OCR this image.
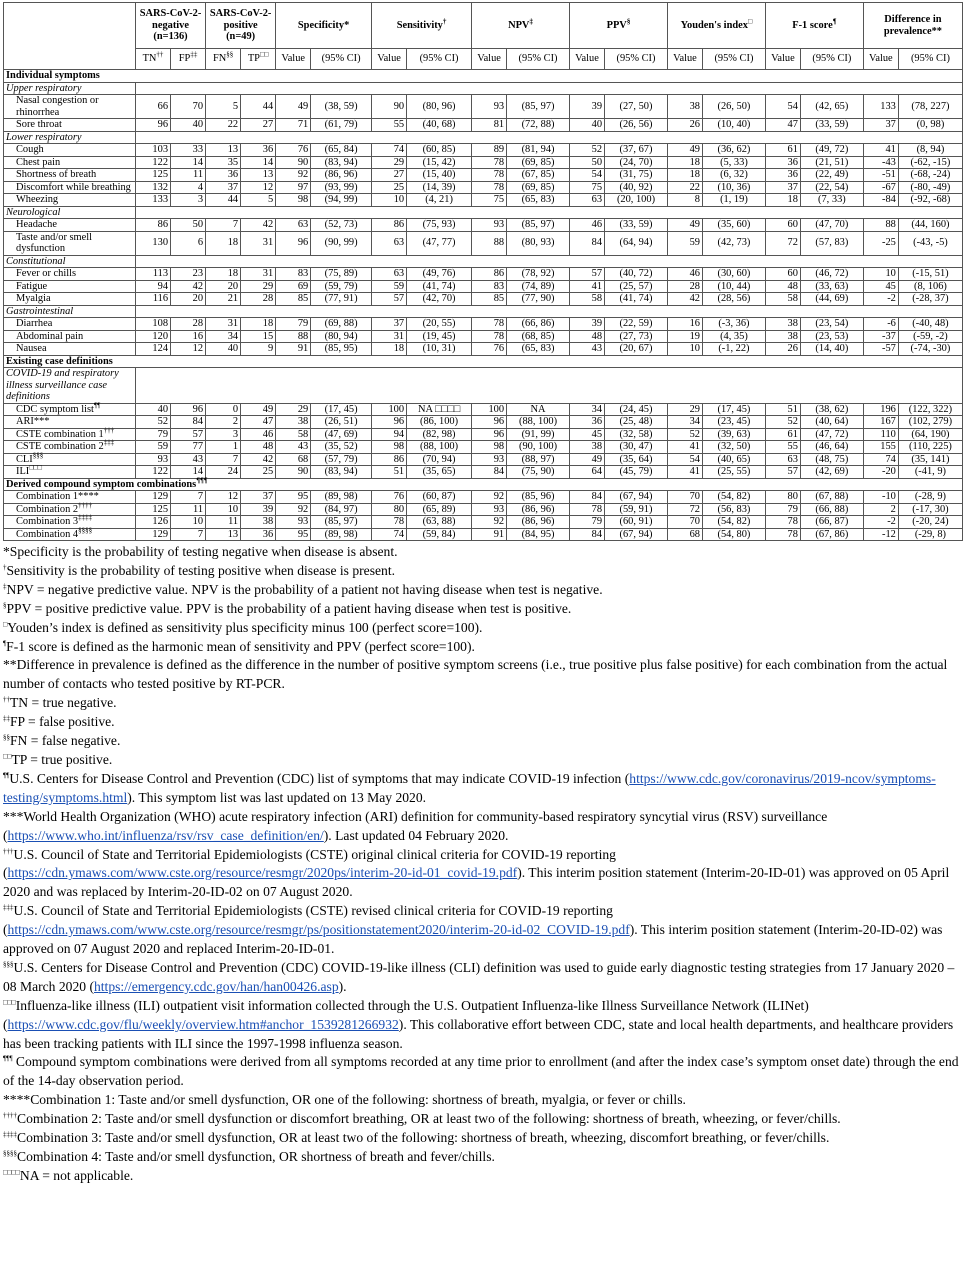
	SARS-CoV-2-negative (n=136)		SARS-CoV-2-positive (n=49)		Specificity*		Sensitivity†		NPV‡		PPV§		Youden's index□		F-1 score¶		Difference in prevalence**	
	TN††	FP‡‡	FN§§	TP□□	Value	(95% CI)	Value	(95% CI)	Value	(95% CI)	Value	(95% CI)	Value	(95% CI)	Value	(95% CI)	Value	(95% CI)
Individual symptoms																		
Upper respiratory																		
Nasal congestion or rhinorrhea	66	70	5	44	49	(38, 59)	90	(80, 96)	93	(85, 97)	39	(27, 50)	38	(26, 50)	54	(42, 65)	133	(78, 227)
Sore throat	96	40	22	27	71	(61, 79)	55	(40, 68)	81	(72, 88)	40	(26, 56)	26	(10, 40)	47	(33, 59)	37	(0, 98)
Lower respiratory																		
Cough	103	33	13	36	76	(65, 84)	74	(60, 85)	89	(81, 94)	52	(37, 67)	49	(36, 62)	61	(49, 72)	41	(8, 94)
Chest pain	122	14	35	14	90	(83, 94)	29	(15, 42)	78	(69, 85)	50	(24, 70)	18	(5, 33)	36	(21, 51)	-43	(-62, -15)
Shortness of breath	125	11	36	13	92	(86, 96)	27	(15, 40)	78	(67, 85)	54	(31, 75)	18	(6, 32)	36	(22, 49)	-51	(-68, -24)
Discomfort while breathing	132	4	37	12	97	(93, 99)	25	(14, 39)	78	(69, 85)	75	(40, 92)	22	(10, 36)	37	(22, 54)	-67	(-80, -49)
Wheezing	133	3	44	5	98	(94, 99)	10	(4, 21)	75	(65, 83)	63	(20, 100)	8	(1, 19)	18	(7, 33)	-84	(-92, -68)
Neurological																		
Headache	86	50	7	42	63	(52, 73)	86	(75, 93)	93	(85, 97)	46	(33, 59)	49	(35, 60)	60	(47, 70)	88	(44, 160)
Taste and/or smell dysfunction	130	6	18	31	96	(90, 99)	63	(47, 77)	88	(80, 93)	84	(64, 94)	59	(42, 73)	72	(57, 83)	-25	(-43, -5)
Constitutional																		
Fever or chills	113	23	18	31	83	(75, 89)	63	(49, 76)	86	(78, 92)	57	(40, 72)	46	(30, 60)	60	(46, 72)	10	(-15, 51)
Fatigue	94	42	20	29	69	(59, 79)	59	(41, 74)	83	(74, 89)	41	(25, 57)	28	(10, 44)	48	(33, 63)	45	(8, 106)
Myalgia	116	20	21	28	85	(77, 91)	57	(42, 70)	85	(77, 90)	58	(41, 74)	42	(28, 56)	58	(44, 69)	-2	(-28, 37)
Gastrointestinal																		
Diarrhea	108	28	31	18	79	(69, 88)	37	(20, 55)	78	(66, 86)	39	(22, 59)	16	(-3, 36)	38	(23, 54)	-6	(-40, 48)
Abdominal pain	120	16	34	15	88	(80, 94)	31	(19, 45)	78	(68, 85)	48	(27, 73)	19	(4, 35)	38	(23, 53)	-37	(-59, -2)
Nausea	124	12	40	9	91	(85, 95)	18	(10, 31)	76	(65, 83)	43	(20, 67)	10	(-1, 22)	26	(14, 40)	-57	(-74, -30)
Existing case definitions																		
COVID-19 and respiratory illness surveillance case definitions																		
CDC symptom list¶¶	40	96	0	49	29	(17, 45)	100	NA □□□□	100	NA	34	(24, 45)	29	(17, 45)	51	(38, 62)	196	(122, 322)
ARI***	52	84	2	47	38	(26, 51)	96	(86, 100)	96	(88, 100)	36	(25, 48)	34	(23, 45)	52	(40, 64)	167	(102, 279)
CSTE combination 1†††	79	57	3	46	58	(47, 69)	94	(82, 98)	96	(91, 99)	45	(32, 58)	52	(39, 63)	61	(47, 72)	110	(64, 190)
CSTE combination 2‡‡‡	59	77	1	48	43	(35, 52)	98	(88, 100)	98	(90, 100)	38	(30, 47)	41	(32, 50)	55	(46, 64)	155	(110, 225)
CLI§§§	93	43	7	42	68	(57, 79)	86	(70, 94)	93	(88, 97)	49	(35, 64)	54	(40, 65)	63	(48, 75)	74	(35, 141)
ILI□□□	122	14	24	25	90	(83, 94)	51	(35, 65)	84	(75, 90)	64	(45, 79)	41	(25, 55)	57	(42, 69)	-20	(-41, 9)
Derived compound symptom combinations¶¶¶
Combination 1****	129	7	12	37	95	(89, 98)	76	(60, 87)	92	(85, 96)	84	(67, 94)	70	(54, 82)	80	(67, 88)	-10	(-28, 9)
Combination 2††††	125	11	10	39	92	(84, 97)	80	(65, 89)	93	(86, 96)	78	(59, 91)	72	(56, 83)	79	(66, 88)	2	(-17, 30)
Combination 3‡‡‡‡	126	10	11	38	93	(85, 97)	78	(63, 88)	92	(86, 96)	79	(60, 91)	70	(54, 82)	78	(66, 87)	-2	(-20, 24)
Combination 4§§§§	129	7	13	36	95	(89, 98)	74	(59, 84)	91	(84, 95)	84	(67, 94)	68	(54, 80)	78	(67, 86)	-12	(-29, 8)

*Specificity is the probability of testing negative when disease is absent.

†Sensitivity is the probability of testing positive when disease is present.

‡NPV = negative predictive value. NPV is the probability of a patient not having disease when test is negative.

§PPV = positive predictive value. PPV is the probability of a patient having disease when test is positive.

□Youden’s index is defined as sensitivity plus specificity minus 100 (perfect score=100).

¶F-1 score is defined as the harmonic mean of sensitivity and PPV (perfect score=100).

**Difference in prevalence is defined as the difference in the number of positive symptom screens (i.e., true positive plus false positive) for each combination from the actual number of contacts who tested positive by RT-PCR.

††TN = true negative.

‡‡FP = false positive.

§§FN = false negative.

□□TP = true positive.

¶¶U.S. Centers for Disease Control and Prevention (CDC) list of symptoms that may indicate COVID-19 infection (https://www.cdc.gov/coronavirus/2019-ncov/symptoms-testing/symptoms.html). This symptom list was last updated on 13 May 2020.

***World Health Organization (WHO) acute respiratory infection (ARI) definition for community-based respiratory syncytial virus (RSV) surveillance (https://www.who.int/influenza/rsv/rsv_case_definition/en/). Last updated 04 February 2020.

†††U.S. Council of State and Territorial Epidemiologists (CSTE) original clinical criteria for COVID-19 reporting (https://cdn.ymaws.com/www.cste.org/resource/resmgr/2020ps/interim-20-id-01_covid-19.pdf). This interim position statement (Interim-20-ID-01) was approved on 05 April 2020 and was replaced by Interim-20-ID-02 on 07 August 2020.

‡‡‡U.S. Council of State and Territorial Epidemiologists (CSTE) revised clinical criteria for COVID-19 reporting (https://cdn.ymaws.com/www.cste.org/resource/resmgr/ps/positionstatement2020/interim-20-id-02_COVID-19.pdf). This interim position statement (Interim-20-ID-02) was approved on 07 August 2020 and replaced Interim-20-ID-01.

§§§U.S. Centers for Disease Control and Prevention (CDC) COVID-19-like illness (CLI) definition was used to guide early diagnostic testing strategies from 17 January 2020 – 08 March 2020 (https://emergency.cdc.gov/han/han00426.asp).

□□□Influenza-like illness (ILI) outpatient visit information collected through the U.S. Outpatient Influenza-like Illness Surveillance Network (ILINet) (https://www.cdc.gov/flu/weekly/overview.htm#anchor_1539281266932). This collaborative effort between CDC, state and local health departments, and healthcare providers has been tracking patients with ILI since the 1997-1998 influenza season.

¶¶¶ Compound symptom combinations were derived from all symptoms recorded at any time prior to enrollment (and after the index case’s symptom onset date) through the end of the 14-day observation period.

****Combination 1: Taste and/or smell dysfunction, OR one of the following: shortness of breath, myalgia, or fever or chills.

††††Combination 2: Taste and/or smell dysfunction or discomfort breathing, OR at least two of the following: shortness of breath, wheezing, or fever/chills.

‡‡‡‡Combination 3: Taste and/or smell dysfunction, OR at least two of the following: shortness of breath, wheezing, discomfort breathing, or fever/chills.

§§§§Combination 4: Taste and/or smell dysfunction, OR shortness of breath and fever/chills.

□□□□NA = not applicable.
